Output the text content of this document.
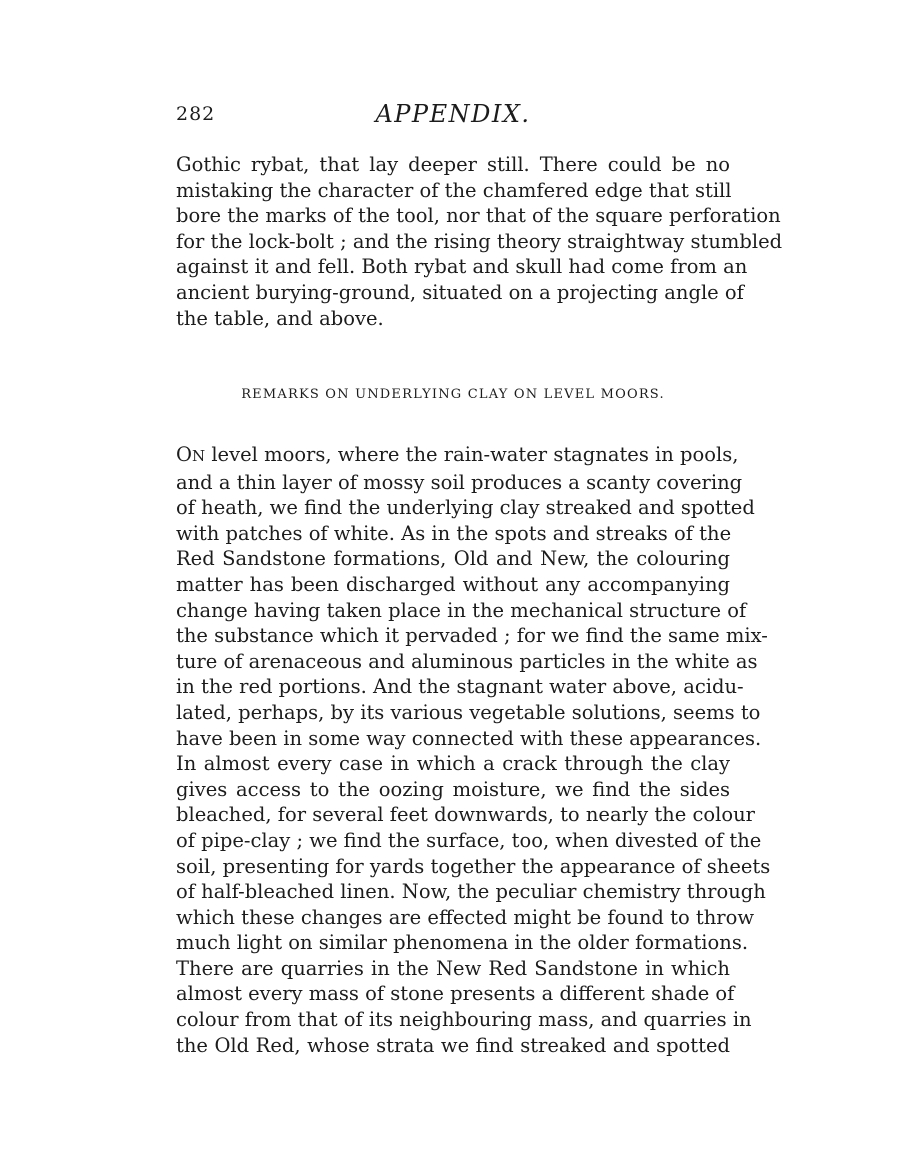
282	APPENDIX.

Gothic rybat, that lay deeper still. There could be no
mistaking the character of the chamfered edge that still
bore the marks of the tool, nor that of the square perforation
for the lock-bolt ; and the rising theory straightway stumbled
against it and fell. Both rybat and skull had come from an
ancient burying-ground, situated on a projecting angle of
the table, and above.

REMARKS ON UNDERLYING CLAY ON LEVEL MOORS.

ON level moors, where the rain-water stagnates in pools,
and a thin layer of mossy soil produces a scanty covering
of heath, we find the underlying clay streaked and spotted
with patches of white. As in the spots and streaks of the
Red Sandstone formations, Old and New, the colouring
matter has been discharged without any accompanying
change having taken place in the mechanical structure of
the substance which it pervaded ; for we find the same mix-
ture of arenaceous and aluminous particles in the white as
in the red portions. And the stagnant water above, acidu-
lated, perhaps, by its various vegetable solutions, seems to
have been in some way connected with these appearances.
In almost every case in which a crack through the clay
gives access to the oozing moisture, we find the sides
bleached, for several feet downwards, to nearly the colour
of pipe-clay ; we find the surface, too, when divested of the
soil, presenting for yards together the appearance of sheets
of half-bleached linen. Now, the peculiar chemistry through
which these changes are effected might be found to throw
much light on similar phenomena in the older formations.
There are quarries in the New Red Sandstone in which
almost every mass of stone presents a different shade of
colour from that of its neighbouring mass, and quarries in
the Old Red, whose strata we find streaked and spotted
